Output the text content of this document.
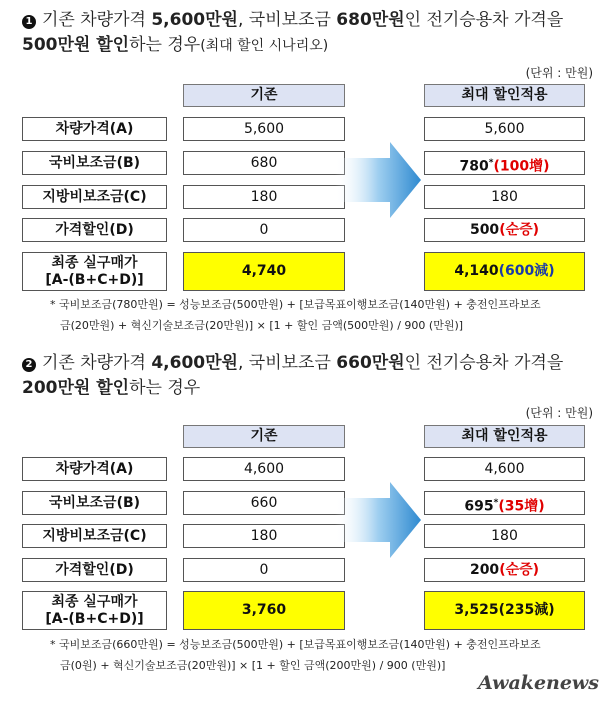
1 기존 차량가격 5,600만원, 국비보조금 680만원인 전기승용차 가격을
500만원 할인하는 경우(최대 할인 시나리오)
(단위 : 만원)
기존	최대 할인적용
차량가격(A)
국비보조금(B)
지방비보조금(C)
가격할인(D)
최종 실구매가
[A-(B+C+D)]
5,600
680
180
0
4,740
5,600
780*(100增)
180
500(순증)
4,140(600減)
* 국비보조금(780만원) = 성능보조금(500만원) + [보급목표이행보조금(140만원) + 충전인프라보조
금(20만원) + 혁신기술보조금(20만원)] × [1 + 할인 금액(500만원) / 900 (만원)]
2 기존 차량가격 4,600만원, 국비보조금 660만원인 전기승용차 가격을
200만원 할인하는 경우
(단위 : 만원)
기존	최대 할인적용
차량가격(A)
국비보조금(B)
지방비보조금(C)
가격할인(D)
최종 실구매가
[A-(B+C+D)]
4,600
660
180
0
3,760
4,600
695*(35增)
180
200(순증)
3,525(235減)
* 국비보조금(660만원) = 성능보조금(500만원) + [보급목표이행보조금(140만원) + 충전인프라보조
금(0원) + 혁신기술보조금(20만원)] × [1 + 할인 금액(200만원) / 900 (만원)]
Awakenews
